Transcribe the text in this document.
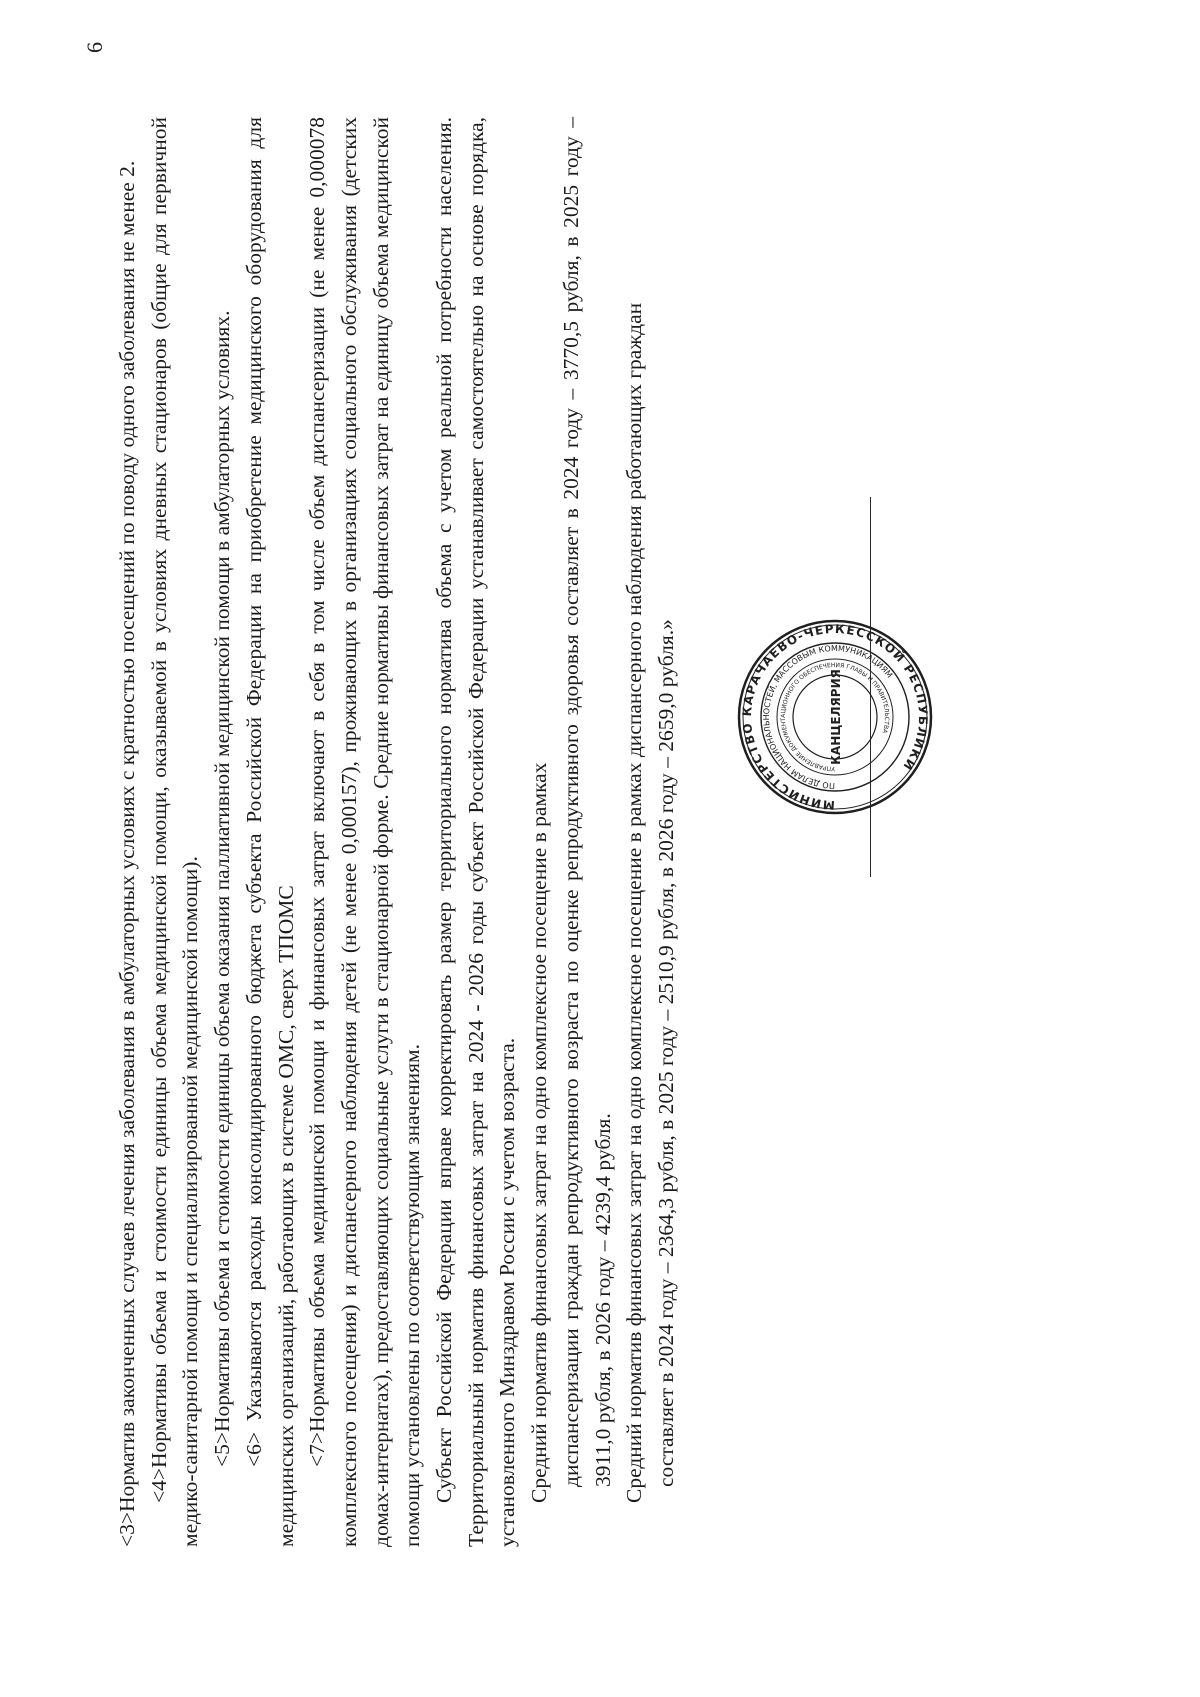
6

<3>Норматив законченных случаев лечения заболевания в амбулаторных условиях с кратностью посещений по поводу одного заболевания не менее 2. <4>Нормативы объема и стоимости единицы объема медицинской помощи, оказываемой в условиях дневных стационаров (общие для первичной медико-санитарной помощи и специализированной медицинской помощи). <5>Нормативы объема и стоимости единицы объема оказания паллиативной медицинской помощи в амбулаторных условиях. <6> Указываются расходы консолидированного бюджета субъекта Российской Федерации на приобретение медицинского оборудования для медицинских организаций, работающих в системе ОМС, сверх ТПОМС <7>Нормативы объема медицинской помощи и финансовых затрат включают в себя в том числе объем диспансеризации (не менее 0,000078 комплексного посещения) и диспансерного наблюдения детей (не менее 0,000157), проживающих в организациях социального обслуживания (детских домах-интернатах), предоставляющих социальные услуги в стационарной форме. Средние нормативы финансовых затрат на единицу объема медицинской помощи установлены по соответствующим значениям. Субъект Российской Федерации вправе корректировать размер территориального норматива объема с учетом реальной потребности населения. Территориальный норматив финансовых затрат на 2024 - 2026 годы субъект Российской Федерации устанавливает самостоятельно на основе порядка, установленного Минздравом России с учетом возраста. Средний норматив финансовых затрат на одно комплексное посещение в рамках диспансеризации граждан репродуктивного возраста по оценке репродуктивного здоровья составляет в 2024 году – 3770,5 рубля, в 2025 году – 3911,0 рубля, в 2026 году – 4239,4 рубля. Средний норматив финансовых затрат на одно комплексное посещение в рамках диспансерного наблюдения работающих граждан составляет в 2024 году – 2364,3 рубля, в 2025 году – 2510,9 рубля, в 2026 году – 2659,0 рубля.»	МИНИСТЕРСТВО КАРАЧАЕВО-ЧЕРКЕССКОЙ РЕСПУБЛИКИ
ПО ДЕЛАМ НАЦИОНАЛЬНОСТЕЙ, МАССОВЫМ КОММУНИКАЦИЯМ
УПРАВЛЕНИЕ ДОКУМЕНТАЦИОННОГО ОБЕСПЕЧЕНИЯ ГЛАВЫ И ПРАВИТЕЛЬСТВА
КАНЦЕЛЯРИЯ
